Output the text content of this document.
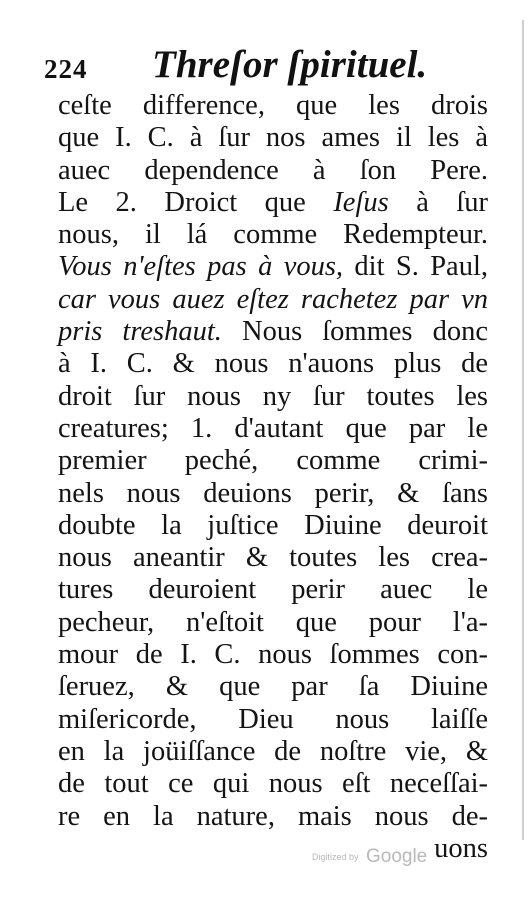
224 Threſor ſpirituel.
ceſte difference, que les drois
que I. C. à ſur nos ames il les à
auec dependence à ſon Pere.
Le 2. Droict que Ieſus à ſur
nous, il lá comme Redempteur.
Vous n'eſtes pas à vous, dit S. Paul,
car vous auez eſtez rachetez par vn
pris treshaut. Nous ſommes donc
à I. C. & nous n'auons plus de
droit ſur nous ny ſur toutes les
creatures; 1. d'autant que par le
premier peché, comme crimi-
nels nous deuions perir, & ſans
doubte la juſtice Diuine deuroit
nous aneantir & toutes les crea-
tures deuroient perir auec le
pecheur, n'eſtoit que pour l'a-
mour de I. C. nous ſommes con-
ſeruez, & que par ſa Diuine
miſericorde, Dieu nous laiſſe
en la joüiſſance de noſtre vie, &
de tout ce qui nous eſt neceſſai-
re en la nature, mais nous de-
uons
Digitized by Google
